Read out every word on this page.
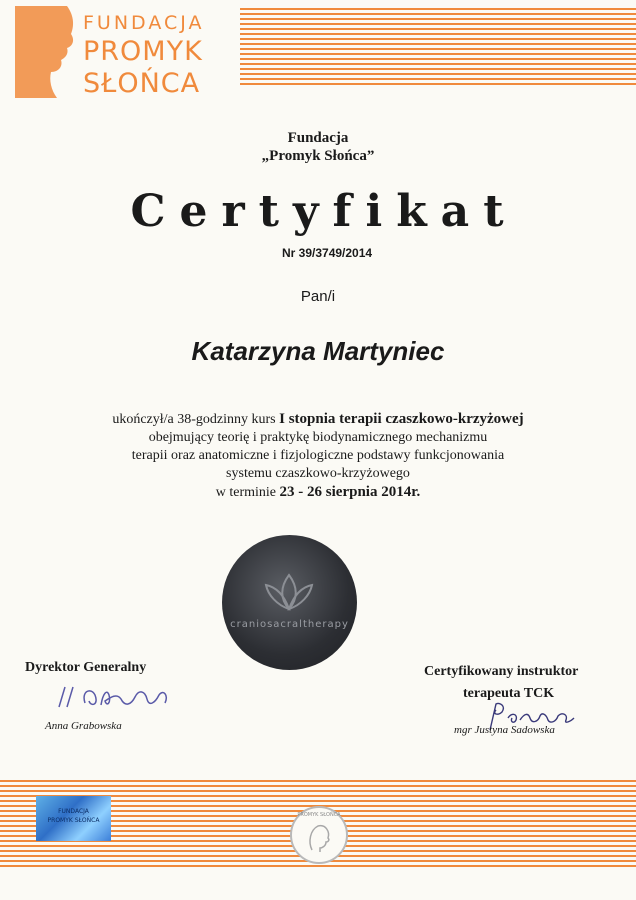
FUNDACJA
PROMYK
SŁOŃCA
Fundacja
„Promyk Słońca”
Certyfikat
Nr 39/3749/2014
Pan/i
Katarzyna Martyniec
ukończył/a 38-godzinny kurs I stopnia terapii czaszkowo-krzyżowej
obejmujący teorię i praktykę biodynamicznego mechanizmu
terapii oraz anatomiczne i fizjologiczne podstawy funkcjonowania
systemu czaszkowo-krzyżowego
w terminie 23 - 26 sierpnia 2014r.
craniosacraltherapy
Dyrektor Generalny
Anna Grabowska
Certyfikowany instruktor
terapeuta TCK
mgr Justyna Sadowska
FUNDACJA
PROMYK SŁOŃCA
PROMYK SŁOŃCA
